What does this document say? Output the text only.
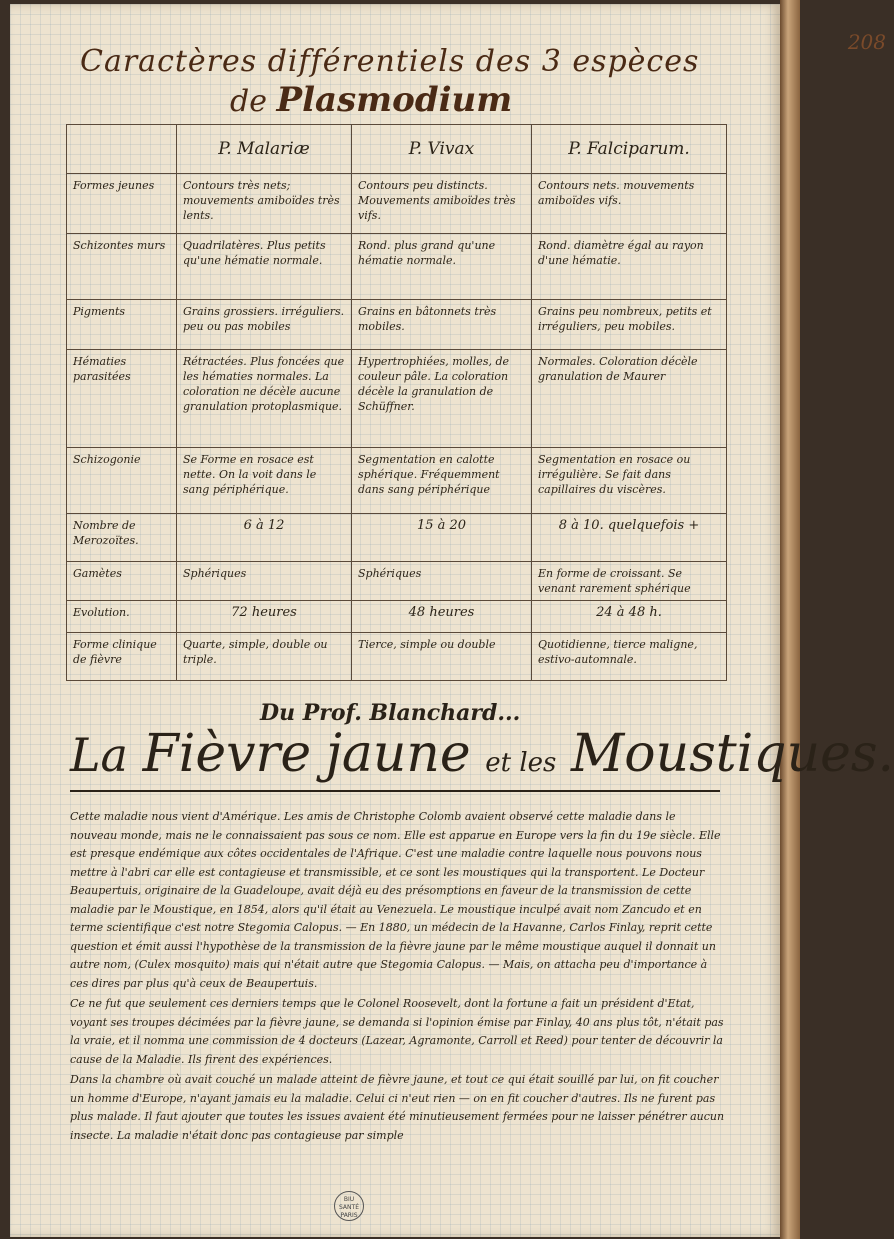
208
Caractères différentiels des 3 espèces
de Plasmodium
	P. Malariæ	P. Vivax	P. Falciparum.
Formes jeunes	Contours très nets; mouvements amiboïdes très lents.	Contours peu distincts. Mouvements amiboïdes très vifs.	Contours nets. mouvements amiboïdes vifs.
Schizontes murs	Quadrilatères. Plus petits qu'une hématie normale.	Rond. plus grand qu'une hématie normale.	Rond. diamètre égal au rayon d'une hématie.
Pigments	Grains grossiers. irréguliers. peu ou pas mobiles	Grains en bâtonnets très mobiles.	Grains peu nombreux, petits et irréguliers, peu mobiles.
Hématies parasitées	Rétractées. Plus foncées que les hématies normales. La coloration ne décèle aucune granulation protoplasmique.	Hypertrophiées, molles, de couleur pâle. La coloration décèle la granulation de Schüffner.	Normales. Coloration décèle granulation de Maurer
Schizogonie	Se Forme en rosace est nette. On la voit dans le sang périphérique.	Segmentation en calotte sphérique. Fréquemment dans sang périphérique	Segmentation en rosace ou irrégulière. Se fait dans capillaires du viscères.
Nombre de Merozoïtes.	6 à 12	15 à 20	8 à 10. quelquefois +
Gamètes	Sphériques	Sphériques	En forme de croissant. Se venant rarement sphérique
Evolution.	72 heures	48 heures	24 à 48 h.
Forme clinique de fièvre	Quarte, simple, double ou triple.	Tierce, simple ou double	Quotidienne, tierce maligne, estivo-automnale.
Du Prof. Blanchard...
La Fièvre jaune et les Moustiques.

Cette maladie nous vient d'Amérique. Les amis de Christophe Colomb avaient observé cette maladie dans le nouveau monde, mais ne le connaissaient pas sous ce nom. Elle est apparue en Europe vers la fin du 19e siècle. Elle est presque endémique aux côtes occidentales de l'Afrique. C'est une maladie contre laquelle nous pouvons nous mettre à l'abri car elle est contagieuse et transmissible, et ce sont les moustiques qui la transportent. Le Docteur Beaupertuis, originaire de la Guadeloupe, avait déjà eu des présomptions en faveur de la transmission de cette maladie par le Moustique, en 1854, alors qu'il était au Venezuela. Le moustique inculpé avait nom Zancudo et en terme scientifique c'est notre Stegomia Calopus. — En 1880, un médecin de la Havanne, Carlos Finlay, reprit cette question et émit aussi l'hypothèse de la transmission de la fièvre jaune par le même moustique auquel il donnait un autre nom, (Culex mosquito) mais qui n'était autre que Stegomia Calopus. — Mais, on attacha peu d'importance à ces dires par plus qu'à ceux de Beaupertuis.

Ce ne fut que seulement ces derniers temps que le Colonel Roosevelt, dont la fortune a fait un président d'Etat, voyant ses troupes décimées par la fièvre jaune, se demanda si l'opinion émise par Finlay, 40 ans plus tôt, n'était pas la vraie, et il nomma une commission de 4 docteurs (Lazear, Agramonte, Carroll et Reed) pour tenter de découvrir la cause de la Maladie. Ils firent des expériences.

Dans la chambre où avait couché un malade atteint de fièvre jaune, et tout ce qui était souillé par lui, on fit coucher un homme d'Europe, n'ayant jamais eu la maladie. Celui ci n'eut rien — on en fit coucher d'autres. Ils ne furent pas plus malade. Il faut ajouter que toutes les issues avaient été minutieusement fermées pour ne laisser pénétrer aucun insecte. La maladie n'était donc pas contagieuse par simple

BIU
SANTÉ
PARIS
